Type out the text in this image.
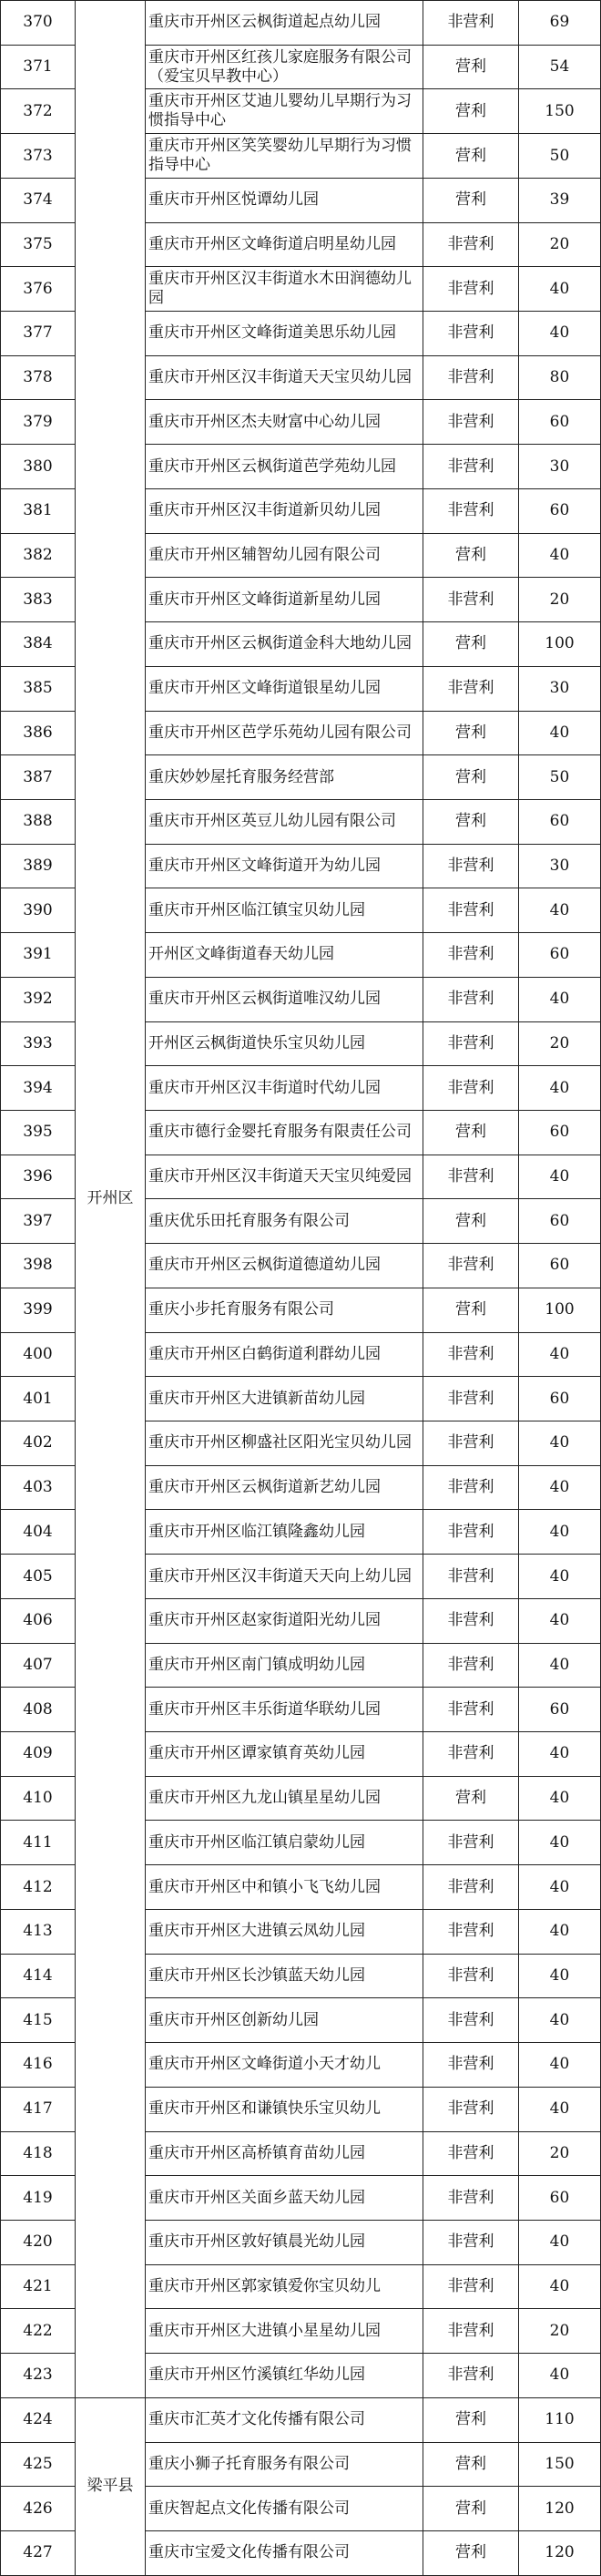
370	开州区	重庆市开州区云枫街道起点幼儿园	非营利	69
371		重庆市开州区红孩儿家庭服务有限公司（爱宝贝早教中心）	营利	54
372		重庆市开州区艾迪儿婴幼儿早期行为习惯指导中心	营利	150
373		重庆市开州区笑笑婴幼儿早期行为习惯指导中心	营利	50
374		重庆市开州区悦谭幼儿园	营利	39
375		重庆市开州区文峰街道启明星幼儿园	非营利	20
376		重庆市开州区汉丰街道水木田润德幼儿园	非营利	40
377		重庆市开州区文峰街道美思乐幼儿园	非营利	40
378		重庆市开州区汉丰街道天天宝贝幼儿园	非营利	80
379		重庆市开州区杰夫财富中心幼儿园	非营利	60
380		重庆市开州区云枫街道芭学苑幼儿园	非营利	30
381		重庆市开州区汉丰街道新贝幼儿园	非营利	60
382		重庆市开州区辅智幼儿园有限公司	营利	40
383		重庆市开州区文峰街道新星幼儿园	非营利	20
384		重庆市开州区云枫街道金科大地幼儿园	营利	100
385		重庆市开州区文峰街道银星幼儿园	非营利	30
386		重庆市开州区芭学乐苑幼儿园有限公司	营利	40
387		重庆妙妙屋托育服务经营部	营利	50
388		重庆市开州区英豆儿幼儿园有限公司	营利	60
389		重庆市开州区文峰街道开为幼儿园	非营利	30
390		重庆市开州区临江镇宝贝幼儿园	非营利	40
391		开州区文峰街道春天幼儿园	非营利	60
392		重庆市开州区云枫街道唯汉幼儿园	非营利	40
393		开州区云枫街道快乐宝贝幼儿园	非营利	20
394		重庆市开州区汉丰街道时代幼儿园	非营利	40
395		重庆市德行金婴托育服务有限责任公司	营利	60
396		重庆市开州区汉丰街道天天宝贝纯爱园	非营利	40
397		重庆优乐田托育服务有限公司	营利	60
398		重庆市开州区云枫街道德道幼儿园	非营利	60
399		重庆小步托育服务有限公司	营利	100
400		重庆市开州区白鹤街道利群幼儿园	非营利	40
401		重庆市开州区大进镇新苗幼儿园	非营利	60
402		重庆市开州区柳盛社区阳光宝贝幼儿园	非营利	40
403		重庆市开州区云枫街道新艺幼儿园	非营利	40
404		重庆市开州区临江镇隆鑫幼儿园	非营利	40
405		重庆市开州区汉丰街道天天向上幼儿园	非营利	40
406		重庆市开州区赵家街道阳光幼儿园	非营利	40
407		重庆市开州区南门镇成明幼儿园	非营利	40
408		重庆市开州区丰乐街道华联幼儿园	非营利	60
409		重庆市开州区谭家镇育英幼儿园	非营利	40
410		重庆市开州区九龙山镇星星幼儿园	营利	40
411		重庆市开州区临江镇启蒙幼儿园	非营利	40
412		重庆市开州区中和镇小飞飞幼儿园	非营利	40
413		重庆市开州区大进镇云凤幼儿园	非营利	40
414		重庆市开州区长沙镇蓝天幼儿园	非营利	40
415		重庆市开州区创新幼儿园	非营利	40
416		重庆市开州区文峰街道小天才幼儿	非营利	40
417		重庆市开州区和谦镇快乐宝贝幼儿	非营利	40
418		重庆市开州区高桥镇育苗幼儿园	非营利	20
419		重庆市开州区关面乡蓝天幼儿园	非营利	60
420		重庆市开州区敦好镇晨光幼儿园	非营利	40
421		重庆市开州区郭家镇爱你宝贝幼儿	非营利	40
422		重庆市开州区大进镇小星星幼儿园	非营利	20
423		重庆市开州区竹溪镇红华幼儿园	非营利	40
424	梁平县	重庆市汇英才文化传播有限公司	营利	110
425		重庆小狮子托育服务有限公司	营利	150
426		重庆智起点文化传播有限公司	营利	120
427		重庆市宝爱文化传播有限公司	营利	120
